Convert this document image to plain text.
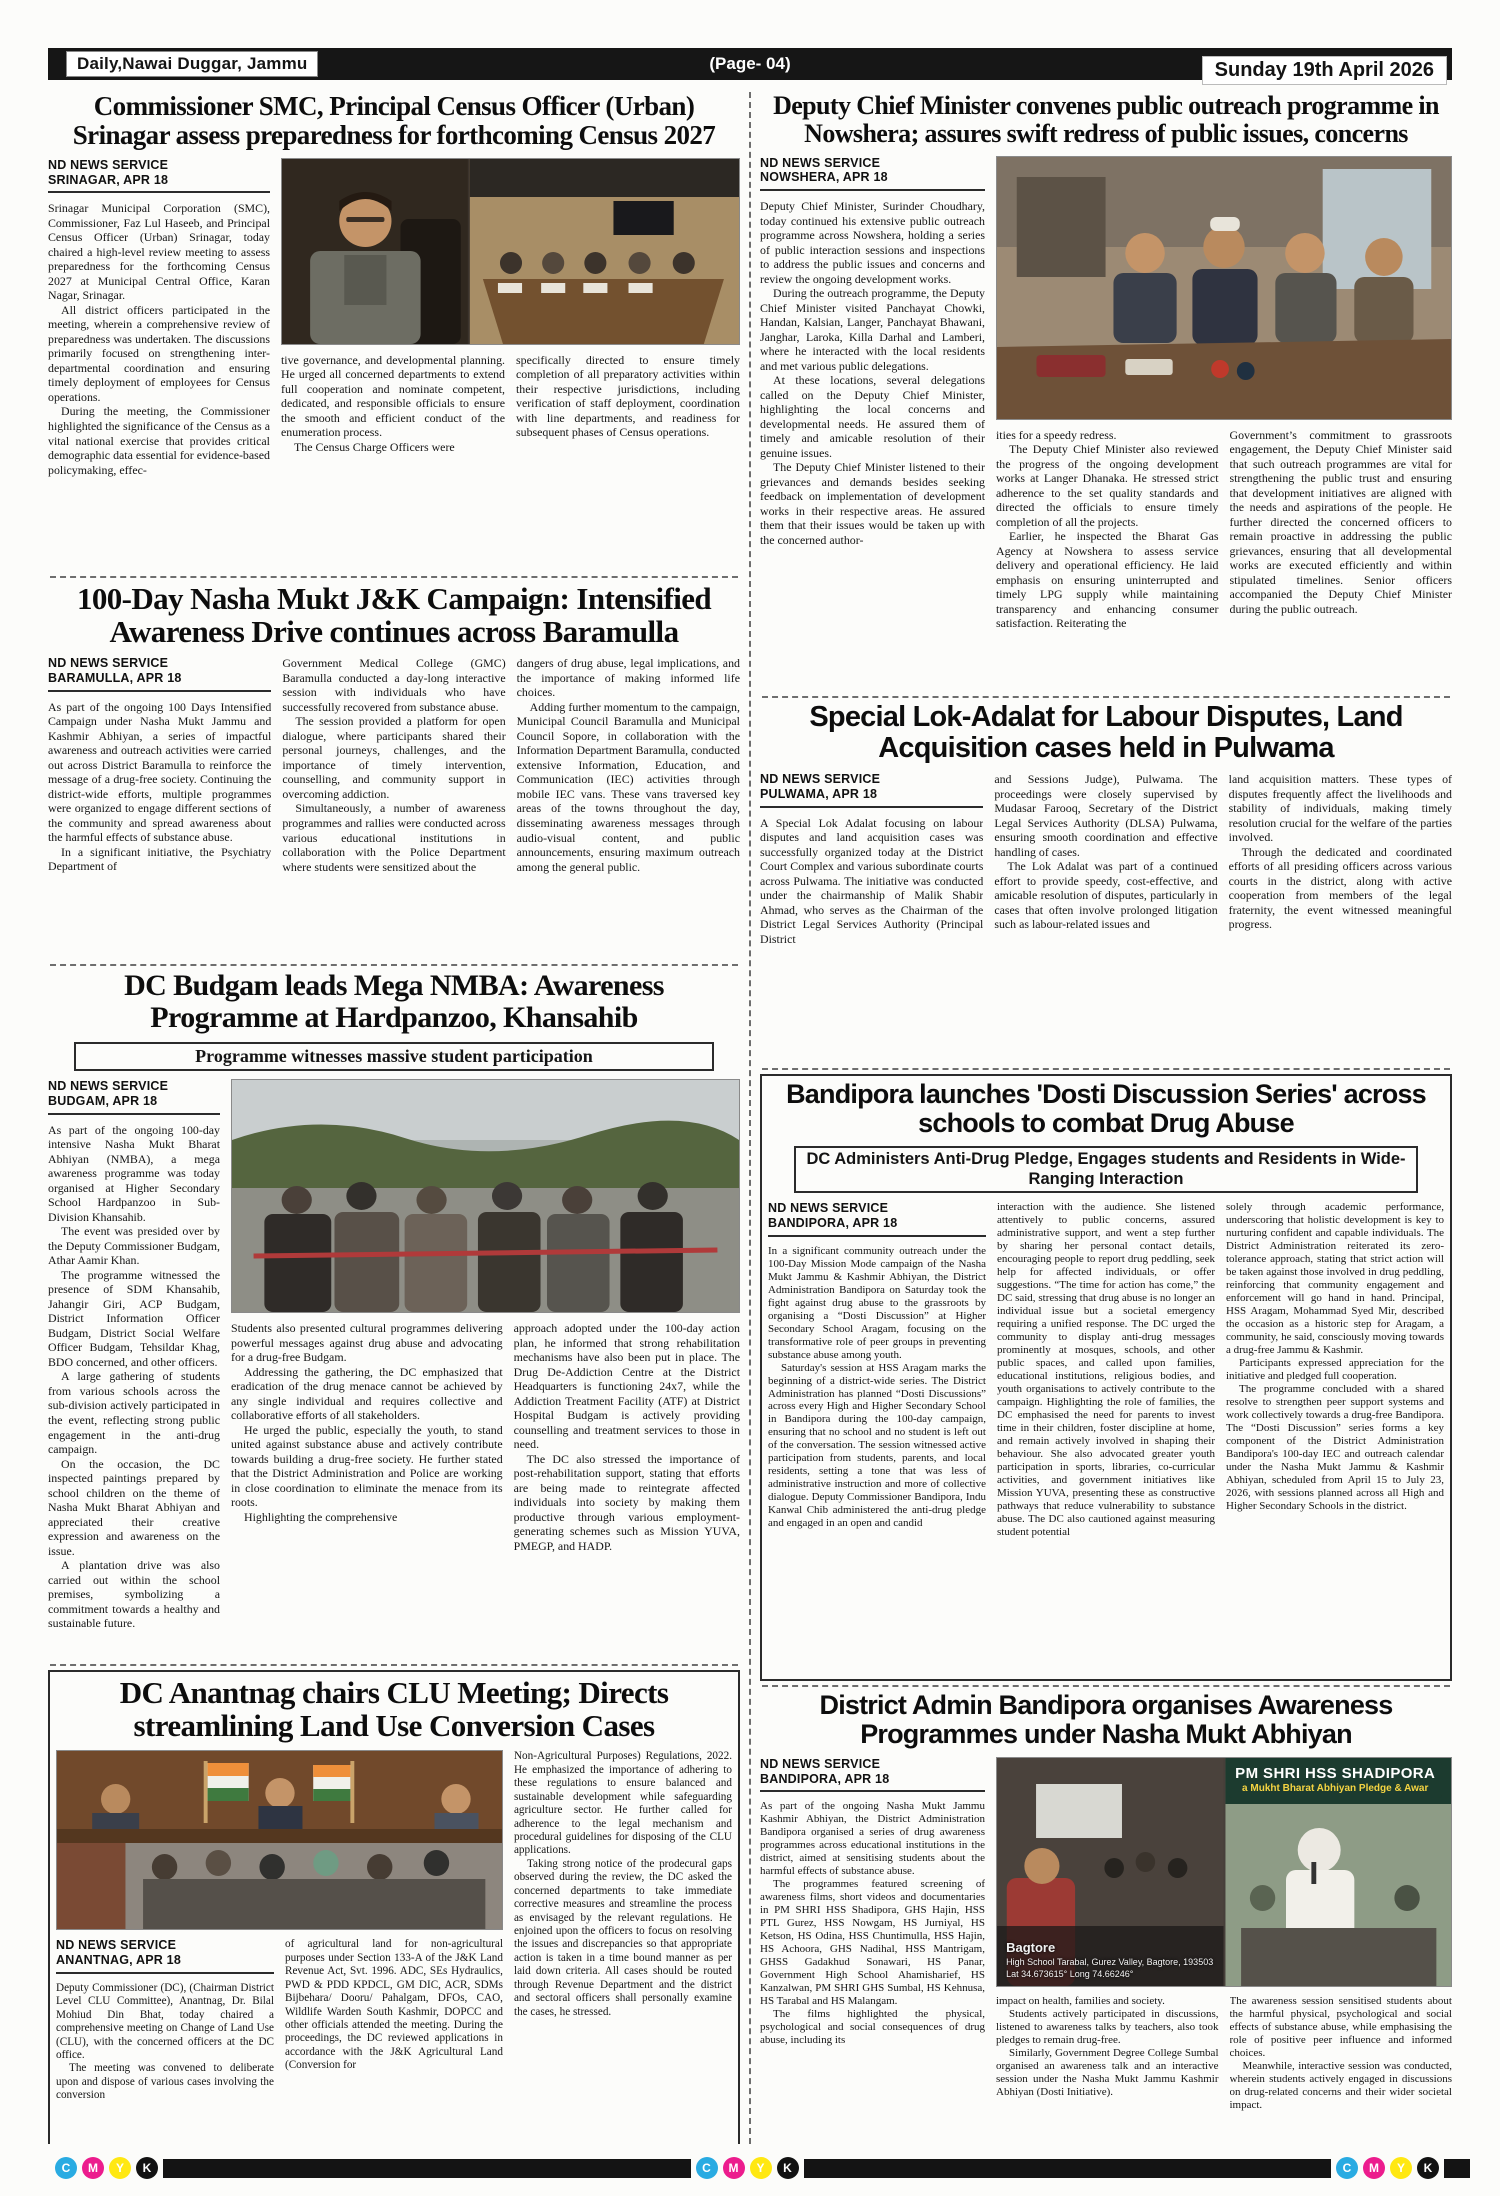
Daily,Nawai Duggar, Jammu	(Page- 04)	Sunday 19th April 2026
Commissioner SMC, Principal Census Officer (Urban) Srinagar assess preparedness for forthcoming Census 2027
ND NEWS SERVICE
SRINAGAR, APR 18

Srinagar Municipal Corporation (SMC), Commissioner, Faz Lul Haseeb, and Principal Census Officer (Urban) Srinagar, today chaired a high-level review meeting to assess preparedness for the forthcoming Census 2027 at Municipal Central Office, Karan Nagar, Srinagar.

All district officers participated in the meeting, wherein a comprehensive review of preparedness was undertaken. The discussions primarily focused on strengthening inter-departmental coordination and ensuring timely deployment of employees for Census operations.

During the meeting, the Commissioner highlighted the significance of the Census as a vital national exercise that provides critical demographic data essential for evidence-based policymaking, effec-

tive governance, and developmental planning. He urged all concerned departments to extend full cooperation and nominate competent, dedicated, and responsible officials to ensure the smooth and efficient conduct of the enumeration process.

The Census Charge Officers were

specifically directed to ensure timely completion of all preparatory activities within their respective jurisdictions, including verification of staff deployment, coordination with line departments, and readiness for subsequent phases of Census operations.

100-Day Nasha Mukt J&K Campaign: Intensified Awareness Drive continues across Baramulla
ND NEWS SERVICE
BARAMULLA, APR 18

As part of the ongoing 100 Days Intensified Campaign under Nasha Mukt Jammu and Kashmir Abhiyan, a series of impactful awareness and outreach activities were carried out across District Baramulla to reinforce the message of a drug-free society. Continuing the district-wide efforts, multiple programmes were organized to engage different sections of the community and spread awareness about the harmful effects of substance abuse.

In a significant initiative, the Psychiatry Department of

Government Medical College (GMC) Baramulla conducted a day-long interactive session with individuals who have successfully recovered from substance abuse.

The session provided a platform for open dialogue, where participants shared their personal journeys, challenges, and the importance of timely intervention, counselling, and community support in overcoming addiction.

Simultaneously, a number of awareness programmes and rallies were conducted across various educational institutions in collaboration with the Police Department where students were sensitized about the

dangers of drug abuse, legal implications, and the importance of making informed life choices.

Adding further momentum to the campaign, Municipal Council Baramulla and Municipal Council Sopore, in collaboration with the Information Department Baramulla, conducted extensive Information, Education, and Communication (IEC) activities through mobile IEC vans. These vans traversed key areas of the towns throughout the day, disseminating awareness messages through audio-visual content, and public announcements, ensuring maximum outreach among the general public.

DC Budgam leads Mega NMBA: Awareness Programme at Hardpanzoo, Khansahib
Programme witnesses massive student participation
ND NEWS SERVICE
BUDGAM, APR 18

As part of the ongoing 100-day intensive Nasha Mukt Bharat Abhiyan (NMBA), a mega awareness programme was today organised at Higher Secondary School Hardpanzoo in Sub-Division Khansahib.

The event was presided over by the Deputy Commissioner Budgam, Athar Aamir Khan.

The programme witnessed the presence of SDM Khansahib, Jahangir Giri, ACP Budgam, District Information Officer Budgam, District Social Welfare Officer Budgam, Tehsildar Khag, BDO concerned, and other officers.

A large gathering of students from various schools across the sub-division actively participated in the event, reflecting strong public engagement in the anti-drug campaign.

On the occasion, the DC inspected paintings prepared by school children on the theme of Nasha Mukt Bharat Abhiyan and appreciated their creative expression and awareness on the issue.

A plantation drive was also carried out within the school premises, symbolizing a commitment towards a healthy and sustainable future.

Students also presented cultural programmes delivering powerful messages against drug abuse and advocating for a drug-free Budgam.

Addressing the gathering, the DC emphasized that eradication of the drug menace cannot be achieved by any single individual and requires collective and collaborative efforts of all stakeholders.

He urged the public, especially the youth, to stand united against substance abuse and actively contribute towards building a drug-free society. He further stated that the District Administration and Police are working in close coordination to eliminate the menace from its roots.

Highlighting the comprehensive

approach adopted under the 100-day action plan, he informed that strong rehabilitation mechanisms have also been put in place. The Drug De-Addiction Centre at the District Headquarters is functioning 24x7, while the Addiction Treatment Facility (ATF) at District Hospital Budgam is actively providing counselling and treatment services to those in need.

The DC also stressed the importance of post-rehabilitation support, stating that efforts are being made to reintegrate affected individuals into society by making them productive through various employment-generating schemes such as Mission YUVA, PMEGP, and HADP.

DC Anantnag chairs CLU Meeting; Directs streamlining Land Use Conversion Cases
ND NEWS SERVICE
ANANTNAG, APR 18

Deputy Commissioner (DC), (Chairman District Level CLU Committee), Anantnag, Dr. Bilal Mohiud Din Bhat, today chaired a comprehensive meeting on Change of Land Use (CLU), with the concerned officers at the DC office.

The meeting was convened to deliberate upon and dispose of various cases involving the conversion

of agricultural land for non-agricultural purposes under Section 133-A of the J&K Land Revenue Act, Svt. 1996. ADC, SEs Hydraulics, PWD & PDD KPDCL, GM DIC, ACR, SDMs Bijbehara/ Dooru/ Pahalgam, DFOs, CAO, Wildlife Warden South Kashmir, DOPCC and other officials attended the meeting. During the proceedings, the DC reviewed applications in accordance with the J&K Agricultural Land (Conversion for

Non-Agricultural Purposes) Regulations, 2022. He emphasized the importance of adhering to these regulations to ensure balanced and sustainable development while safeguarding agriculture sector. He further called for adherence to the legal mechanism and procedural guidelines for disposing of the CLU applications.

Taking strong notice of the prodecural gaps observed during the review, the DC asked the concerned departments to take immediate corrective measures and streamline the process as envisaged by the relevant regulations. He enjoined upon the officers to focus on resolving the issues and discrepancies so that appropriate action is taken in a time bound manner as per laid down criteria. All cases should be routed through Revenue Department and the district and sectoral officers shall personally examine the cases, he stressed.

Deputy Chief Minister convenes public outreach programme in Nowshera; assures swift redress of public issues, concerns
ND NEWS SERVICE
NOWSHERA, APR 18

Deputy Chief Minister, Surinder Choudhary, today continued his extensive public outreach programme across Nowshera, holding a series of public interaction sessions and inspections to address the public issues and concerns and review the ongoing development works.

During the outreach programme, the Deputy Chief Minister visited Panchayat Chowki, Handan, Kalsian, Langer, Panchayat Bhawani, Janghar, Laroka, Killa Darhal and Lamberi, where he interacted with the local residents and met various public delegations.

At these locations, several delegations called on the Deputy Chief Minister, highlighting the local concerns and developmental needs. He assured them of timely and amicable resolution of their genuine issues.

The Deputy Chief Minister listened to their grievances and demands besides seeking feedback on implementation of development works in their respective areas. He assured them that their issues would be taken up with the concerned author-

ities for a speedy redress.

The Deputy Chief Minister also reviewed the progress of the ongoing development works at Langer Dhanaka. He stressed strict adherence to the set quality standards and directed the officials to ensure timely completion of all the projects.

Earlier, he inspected the Bharat Gas Agency at Nowshera to assess service delivery and operational efficiency. He laid emphasis on ensuring uninterrupted and timely LPG supply while maintaining transparency and enhancing consumer satisfaction. Reiterating the

Government’s commitment to grassroots engagement, the Deputy Chief Minister said that such outreach programmes are vital for strengthening the public trust and ensuring that development initiatives are aligned with the needs and aspirations of the people. He further directed the concerned officers to remain proactive in addressing the public grievances, ensuring that all developmental works are executed efficiently and within stipulated timelines. Senior officers accompanied the Deputy Chief Minister during the public outreach.

Special Lok-Adalat for Labour Disputes, Land Acquisition cases held in Pulwama
ND NEWS SERVICE
PULWAMA, APR 18

A Special Lok Adalat focusing on labour disputes and land acquisition cases was successfully organized today at the District Court Complex and various subordinate courts across Pulwama. The initiative was conducted under the chairmanship of Malik Shabir Ahmad, who serves as the Chairman of the District Legal Services Authority (Principal District

and Sessions Judge), Pulwama. The proceedings were closely supervised by Mudasar Farooq, Secretary of the District Legal Services Authority (DLSA) Pulwama, ensuring smooth coordination and effective handling of cases.

The Lok Adalat was part of a continued effort to provide speedy, cost-effective, and amicable resolution of disputes, particularly in cases that often involve prolonged litigation such as labour-related issues and

land acquisition matters. These types of disputes frequently affect the livelihoods and stability of individuals, making timely resolution crucial for the welfare of the parties involved.

Through the dedicated and coordinated efforts of all presiding officers across various courts in the district, along with active cooperation from members of the legal fraternity, the event witnessed meaningful progress.

Bandipora launches 'Dosti Discussion Series' across schools to combat Drug Abuse
DC Administers Anti-Drug Pledge, Engages students and Residents in Wide-Ranging Interaction
ND NEWS SERVICE
BANDIPORA, APR 18

In a significant community outreach under the 100-Day Mission Mode campaign of the Nasha Mukt Jammu & Kashmir Abhiyan, the District Administration Bandipora on Saturday took the fight against drug abuse to the grassroots by organising a “Dosti Discussion” at Higher Secondary School Aragam, focusing on the transformative role of peer groups in preventing substance abuse among youth.

Saturday's session at HSS Aragam marks the beginning of a district-wide series. The District Administration has planned “Dosti Discussions” across every High and Higher Secondary School in Bandipora during the 100-day campaign, ensuring that no school and no student is left out of the conversation. The session witnessed active participation from students, parents, and local residents, setting a tone that was less of administrative instruction and more of collective dialogue. Deputy Commissioner Bandipora, Indu Kanwal Chib administered the anti-drug pledge and engaged in an open and candid

interaction with the audience. She listened attentively to public concerns, assured administrative support, and went a step further by sharing her personal contact details, encouraging people to report drug peddling, seek help for affected individuals, or offer suggestions. “The time for action has come,” the DC said, stressing that drug abuse is no longer an individual issue but a societal emergency requiring a unified response. The DC urged the community to display anti-drug messages prominently at mosques, schools, and other public spaces, and called upon families, educational institutions, religious bodies, and youth organisations to actively contribute to the campaign. Highlighting the role of families, the DC emphasised the need for parents to invest time in their children, foster discipline at home, and remain actively involved in shaping their behaviour. She also advocated greater youth participation in sports, libraries, co-curricular activities, and government initiatives like Mission YUVA, presenting these as constructive pathways that reduce vulnerability to substance abuse. The DC also cautioned against measuring student potential

solely through academic performance, underscoring that holistic development is key to nurturing confident and capable individuals. The District Administration reiterated its zero-tolerance approach, stating that strict action will be taken against those involved in drug peddling, reinforcing that community engagement and enforcement will go hand in hand. Principal, HSS Aragam, Mohammad Syed Mir, described the occasion as a historic step for Aragam, a community, he said, consciously moving towards a drug-free Jammu & Kashmir.

Participants expressed appreciation for the initiative and pledged full cooperation.

The programme concluded with a shared resolve to strengthen peer support systems and work collectively towards a drug-free Bandipora. The “Dosti Discussion” series forms a key component of the District Administration Bandipora's 100-day IEC and outreach calendar under the Nasha Mukt Jammu & Kashmir Abhiyan, scheduled from April 15 to July 23, 2026, with sessions planned across all High and Higher Secondary Schools in the district.

District Admin Bandipora organises Awareness Programmes under Nasha Mukt Abhiyan
ND NEWS SERVICE
BANDIPORA, APR 18

As part of the ongoing Nasha Mukt Jammu Kashmir Abhiyan, the District Administration Bandipora organised a series of drug awareness programmes across educational institutions in the district, aimed at sensitising students about the harmful effects of substance abuse.

The programmes featured screening of awareness films, short videos and documentaries in PM SHRI HSS Shadipora, GHS Hajin, HSS PTL Gurez, HSS Nowgam, HS Jurniyal, HS Ketson, HS Odina, HSS Chuntimulla, HSS Hajin, HS Achoora, GHS Nadihal, HSS Mantrigam, GHSS Gadakhud Sonawari, HS Panar, Government High School Ahamisharief, HS Kanzalwan, PM SHRI GHS Sumbal, HS Kehnusa, HS Tarabal and HS Malangam.

The films highlighted the physical, psychological and social consequences of drug abuse, including its

PM SHRI HSS SHADIPORA
a Mukht Bharat Abhiyan Pledge & Awar
Bagtore
High School Tarabal, Gurez Valley, Bagtore, 193503
Lat 34.673615° Long 74.66246°

impact on health, families and society.

Students actively participated in discussions, listened to awareness talks by teachers, also took pledges to remain drug-free.

Similarly, Government Degree College Sumbal organised an awareness talk and an interactive session under the Nasha Mukt Jammu Kashmir Abhiyan (Dosti Initiative).

The awareness session sensitised students about the harmful physical, psychological and social effects of substance abuse, while emphasising the role of positive peer influence and informed choices.

Meanwhile, interactive session was conducted, wherein students actively engaged in discussions on drug-related concerns and their wider societal impact.

C	M	Y	K	C	M	Y	K	C	M	Y	K
